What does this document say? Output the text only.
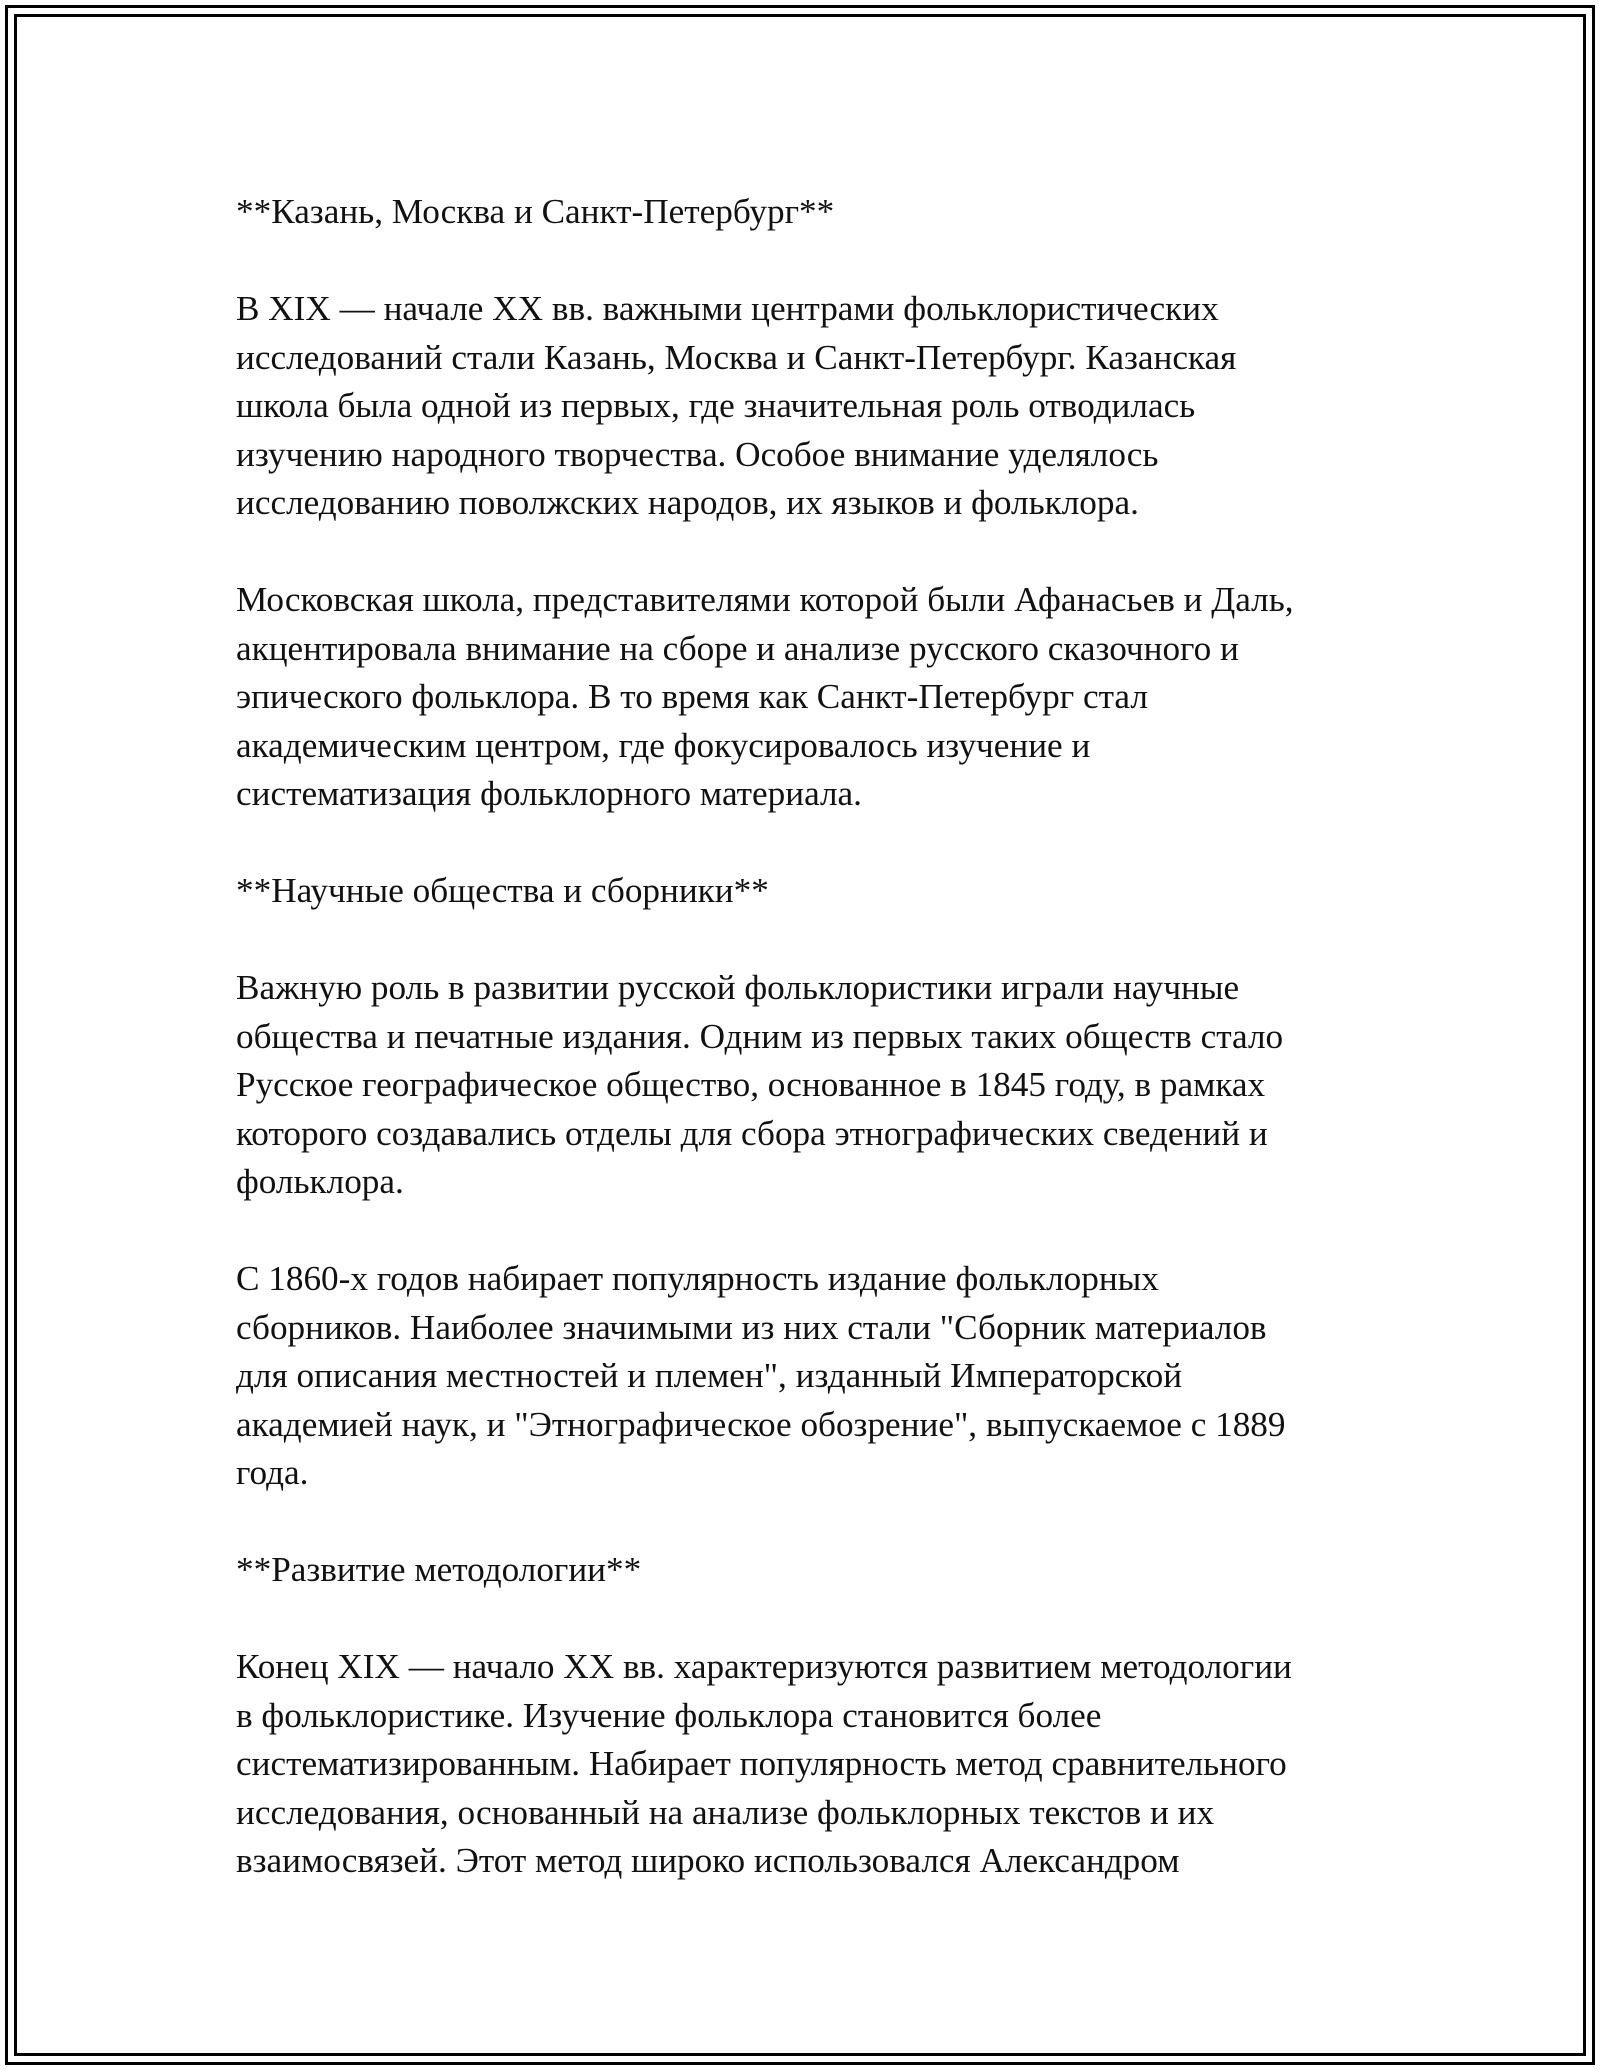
**Казань, Москва и Санкт-Петербург**

В XIX — начале XX вв. важными центрами фольклористических
исследований стали Казань, Москва и Санкт-Петербург. Казанская
школа была одной из первых, где значительная роль отводилась
изучению народного творчества. Особое внимание уделялось
исследованию поволжских народов, их языков и фольклора.

Московская школа, представителями которой были Афанасьев и Даль,
акцентировала внимание на сборе и анализе русского сказочного и
эпического фольклора. В то время как Санкт-Петербург стал
академическим центром, где фокусировалось изучение и
систематизация фольклорного материала.

**Научные общества и сборники**

Важную роль в развитии русской фольклористики играли научные
общества и печатные издания. Одним из первых таких обществ стало
Русское географическое общество, основанное в 1845 году, в рамках
которого создавались отделы для сбора этнографических сведений и
фольклора.

С 1860-х годов набирает популярность издание фольклорных
сборников. Наиболее значимыми из них стали "Сборник материалов
для описания местностей и племен", изданный Императорской
академией наук, и "Этнографическое обозрение", выпускаемое с 1889
года.

**Развитие методологии**

Конец XIX — начало XX вв. характеризуются развитием методологии
в фольклористике. Изучение фольклора становится более
систематизированным. Набирает популярность метод сравнительного
исследования, основанный на анализе фольклорных текстов и их
взаимосвязей. Этот метод широко использовался Александром
